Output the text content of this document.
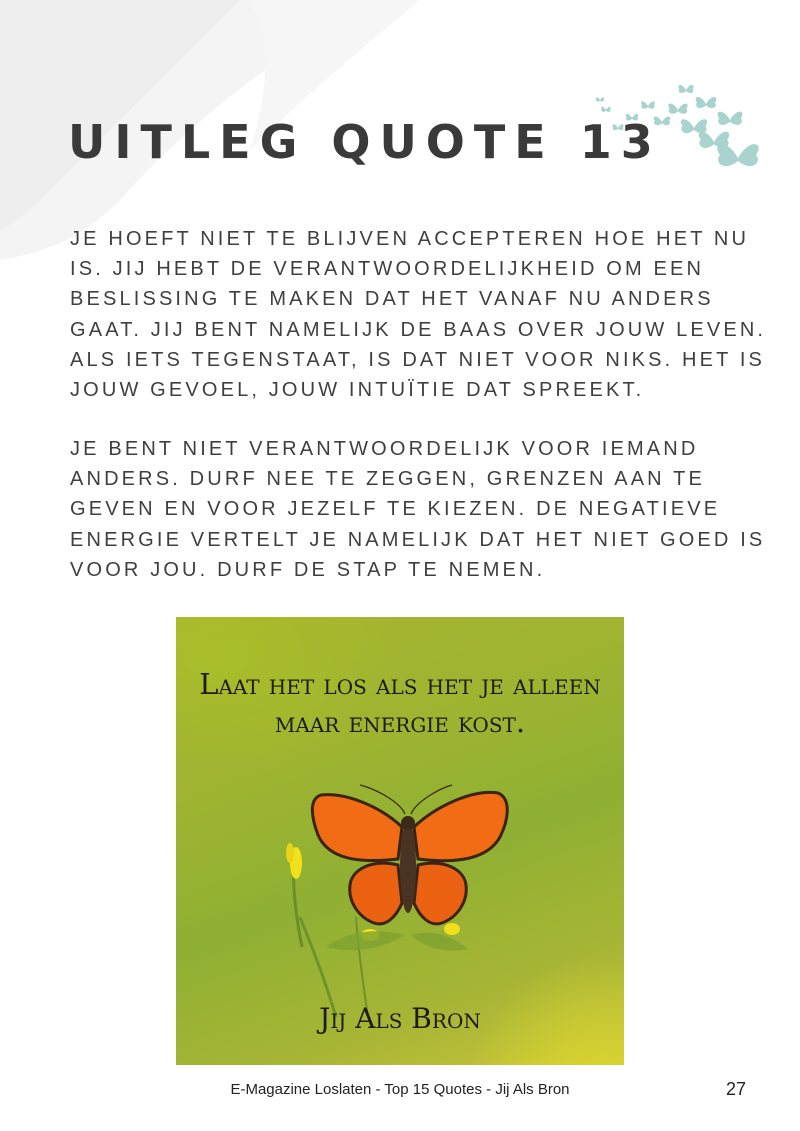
UITLEG QUOTE 13

JE HOEFT NIET TE BLIJVEN ACCEPTEREN HOE HET NU IS. JIJ HEBT DE VERANTWOORDELIJKHEID OM EEN BESLISSING TE MAKEN DAT HET VANAF NU ANDERS GAAT. JIJ BENT NAMELIJK DE BAAS OVER JOUW LEVEN. ALS IETS TEGENSTAAT, IS DAT NIET VOOR NIKS. HET IS JOUW GEVOEL, JOUW INTUÏTIE DAT SPREEKT.

JE BENT NIET VERANTWOORDELIJK VOOR IEMAND ANDERS. DURF NEE TE ZEGGEN, GRENZEN AAN TE GEVEN EN VOOR JEZELF TE KIEZEN. DE NEGATIEVE ENERGIE VERTELT JE NAMELIJK DAT HET NIET GOED IS VOOR JOU. DURF DE STAP TE NEMEN.

Laat het los als het je alleen maar energie kost.

Jij Als Bron

E-Magazine Loslaten - Top 15 Quotes - Jij Als Bron	27
